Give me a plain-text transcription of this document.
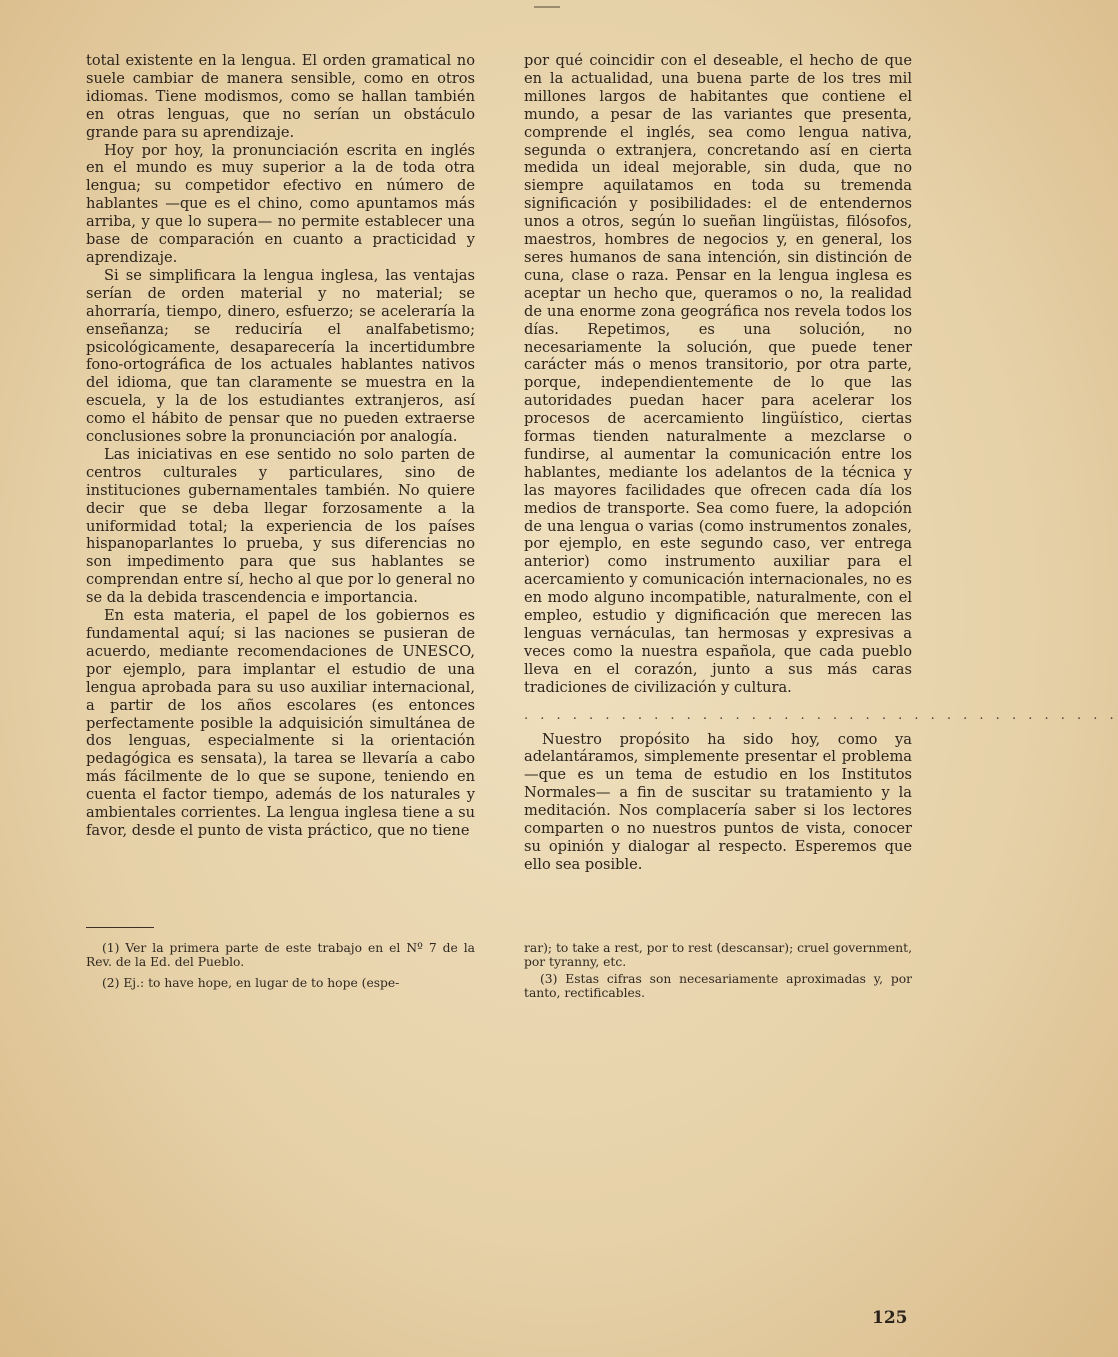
total existente en la lengua. El orden gramatical no suele cambiar de manera sensible, como en otros idiomas. Tiene modismos, como se hallan también en otras lenguas, que no serían un obstáculo grande para su aprendizaje.

Hoy por hoy, la pronunciación escrita en inglés en el mundo es muy superior a la de toda otra lengua; su competidor efectivo en número de hablantes —que es el chino, como apuntamos más arriba, y que lo supera— no permite establecer una base de comparación en cuanto a practicidad y aprendizaje.

Si se simplificara la lengua inglesa, las ventajas serían de orden material y no material; se ahorraría, tiempo, dinero, esfuerzo; se aceleraría la enseñanza; se reduciría el analfabetismo; psicológicamente, desaparecería la incertidumbre fono-ortográfica de los actuales hablantes nativos del idioma, que tan claramente se muestra en la escuela, y la de los estudiantes extranjeros, así como el hábito de pensar que no pueden extraerse conclusiones sobre la pronunciación por analogía.

Las iniciativas en ese sentido no solo parten de centros culturales y particulares, sino de instituciones gubernamentales también. No quiere decir que se deba llegar forzosamente a la uniformidad total; la experiencia de los países hispanoparlantes lo prueba, y sus diferencias no son impedimento para que sus hablantes se comprendan entre sí, hecho al que por lo general no se da la debida trascendencia e importancia.

En esta materia, el papel de los gobiernos es fundamental aquí; si las naciones se pusieran de acuerdo, mediante recomendaciones de UNESCO, por ejemplo, para implantar el estudio de una lengua aprobada para su uso auxiliar internacional, a partir de los años escolares (es entonces perfectamente posible la adquisición simultánea de dos lenguas, especialmente si la orientación pedagógica es sensata), la tarea se llevaría a cabo más fácilmente de lo que se supone, teniendo en cuenta el factor tiempo, además de los naturales y ambientales corrientes. La lengua inglesa tiene a su favor, desde el punto de vista práctico, que no tiene

por qué coincidir con el deseable, el hecho de que en la actualidad, una buena parte de los tres mil millones largos de habitantes que contiene el mundo, a pesar de las variantes que presenta, comprende el inglés, sea como lengua nativa, segunda o extranjera, concretando así en cierta medida un ideal mejorable, sin duda, que no siempre aquilatamos en toda su tremenda significación y posibilidades: el de entendernos unos a otros, según lo sueñan lingüistas, filósofos, maestros, hombres de negocios y, en general, los seres humanos de sana intención, sin distinción de cuna, clase o raza. Pensar en la lengua inglesa es aceptar un hecho que, queramos o no, la realidad de una enorme zona geográfica nos revela todos los días. Repetimos, es una solución, no necesariamente la solución, que puede tener carácter más o menos transitorio, por otra parte, porque, independientemente de lo que las autoridades puedan hacer para acelerar los procesos de acercamiento lingüístico, ciertas formas tienden naturalmente a mezclarse o fundirse, al aumentar la comunicación entre los hablantes, mediante los adelantos de la técnica y las mayores facilidades que ofrecen cada día los medios de transporte. Sea como fuere, la adopción de una lengua o varias (como instrumentos zonales, por ejemplo, en este segundo caso, ver entrega anterior) como instrumento auxiliar para el acercamiento y comunicación internacionales, no es en modo alguno incompatible, naturalmente, con el empleo, estudio y dignificación que merecen las lenguas vernáculas, tan hermosas y expresivas a veces como la nuestra española, que cada pueblo lleva en el corazón, junto a sus más caras tradiciones de civilización y cultura.

. . . . . . . . . . . . . . . . . . . . . . . . . . . . . . . . . . . . .

Nuestro propósito ha sido hoy, como ya adelantáramos, simplemente presentar el problema —que es un tema de estudio en los Institutos Normales— a fin de suscitar su tratamiento y la meditación. Nos complacería saber si los lectores comparten o no nuestros puntos de vista, conocer su opinión y dialogar al respecto. Esperemos que ello sea posible.

(1) Ver la primera parte de este trabajo en el Nº 7 de la Rev. de la Ed. del Pueblo.

(2) Ej.: to have hope, en lugar de to hope (espe-

rar); to take a rest, por to rest (descansar); cruel government, por tyranny, etc.

(3) Estas cifras son necesariamente aproximadas y, por tanto, rectificables.

125
